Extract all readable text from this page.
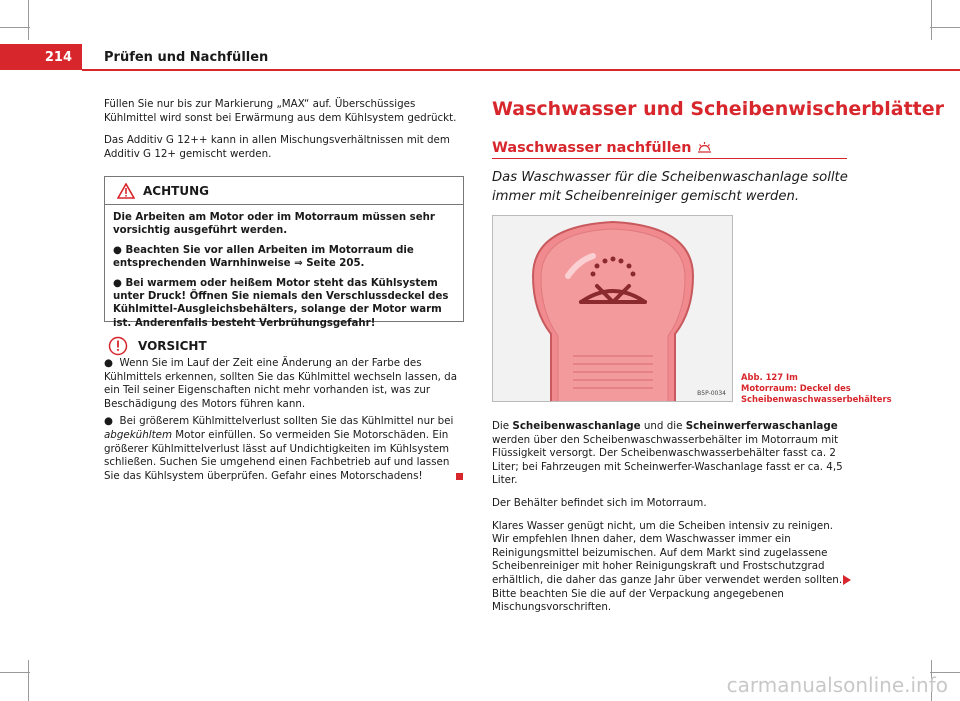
214	Prüfen und Nachfüllen

Füllen Sie nur bis zur Markierung „MAX“ auf. Überschüssiges Kühlmittel wird sonst bei Erwärmung aus dem Kühlsystem gedrückt.

Das Additiv G 12++ kann in allen Mischungsverhältnissen mit dem Additiv G 12+ gemischt werden.

ACHTUNG

Die Arbeiten am Motor oder im Motorraum müssen sehr vorsichtig ausgeführt werden.

● Beachten Sie vor allen Arbeiten im Motorraum die entsprechenden Warnhinweise ⇒ Seite 205.

● Bei warmem oder heißem Motor steht das Kühlsystem unter Druck! Öffnen Sie niemals den Verschlussdeckel des Kühlmittel-Ausgleichsbehälters, solange der Motor warm ist. Anderenfalls besteht Verbrühungsgefahr!

VORSICHT

●  Wenn Sie im Lauf der Zeit eine Änderung an der Farbe des Kühlmittels erkennen, sollten Sie das Kühlmittel wechseln lassen, da ein Teil seiner Eigenschaften nicht mehr vorhanden ist, was zur Beschädigung des Motors führen kann.

●  Bei größerem Kühlmittelverlust sollten Sie das Kühlmittel nur bei abgekühltem Motor einfüllen. So vermeiden Sie Motorschäden. Ein größerer Kühlmittelverlust lässt auf Undichtigkeiten im Kühlsystem schließen. Suchen Sie umgehend einen Fachbetrieb auf und lassen Sie das Kühlsystem überprüfen. Gefahr eines Motorschadens!

Waschwasser und Scheibenwischerblätter
Waschwasser nachfüllen
Das Waschwasser für die Scheibenwaschanlage sollte immer mit Scheibenreiniger gemischt werden.
B5P-0034
Abb. 127 Im Motorraum: Deckel des Scheibenwaschwasserbehälters

Die Scheibenwaschanlage und die Scheinwerferwaschanlage werden über den Scheibenwaschwasserbehälter im Motorraum mit Flüssigkeit versorgt. Der Scheibenwaschwasserbehälter fasst ca. 2 Liter; bei Fahrzeugen mit Scheinwerfer-Waschanlage fasst er ca. 4,5 Liter.

Der Behälter befindet sich im Motorraum.

Klares Wasser genügt nicht, um die Scheiben intensiv zu reinigen. Wir empfehlen Ihnen daher, dem Waschwasser immer ein Reinigungsmittel beizumischen. Auf dem Markt sind zugelassene Scheibenreiniger mit hoher Reinigungskraft und Frostschutzgrad erhältlich, die daher das ganze Jahr über verwendet werden sollten. Bitte beachten Sie die auf der Verpackung angegebenen Mischungsvorschriften.

carmanualsonline.info
